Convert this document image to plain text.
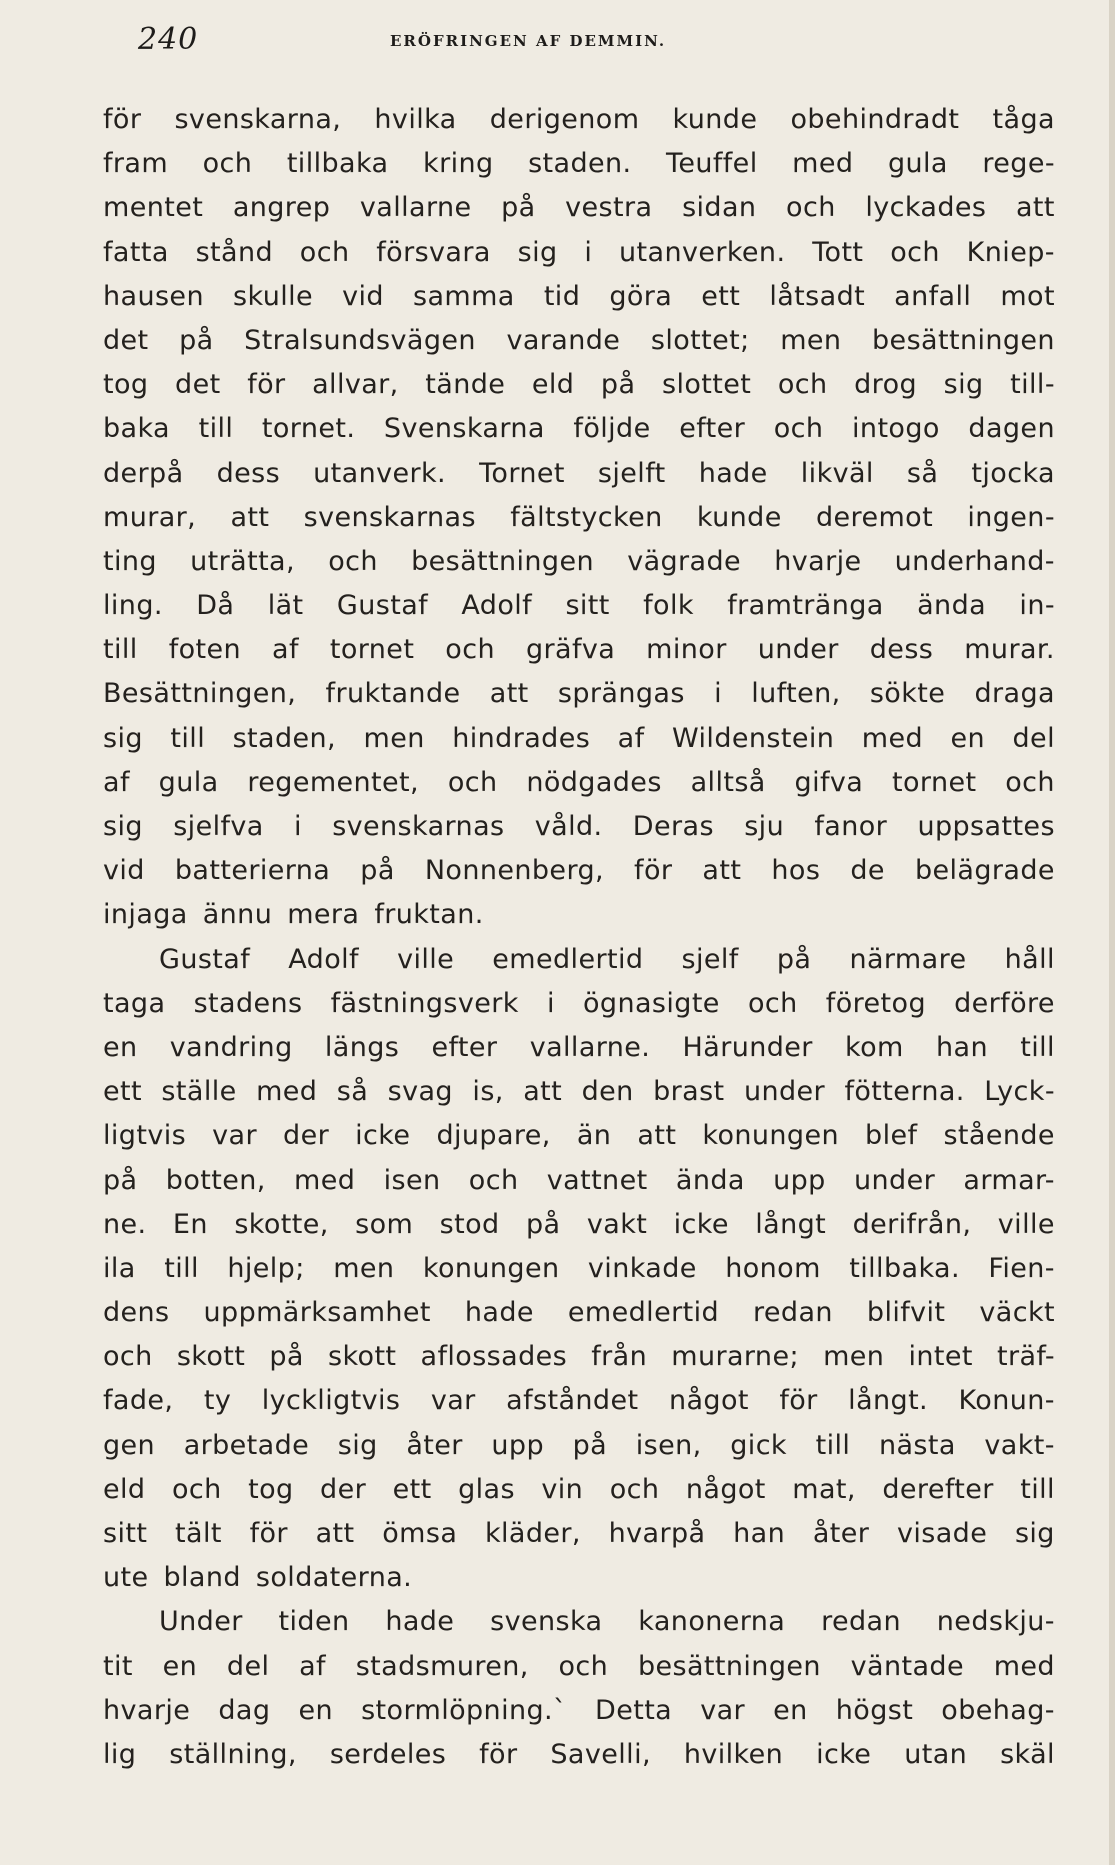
240	ERÖFRINGEN AF DEMMIN.
för svenskarna, hvilka derigenom kunde obehindradt tåga
fram och tillbaka kring staden. Teuffel med gula rege-
mentet angrep vallarne på vestra sidan och lyckades att
fatta stånd och försvara sig i utanverken. Tott och Kniep-
hausen skulle vid samma tid göra ett låtsadt anfall mot
det på Stralsundsvägen varande slottet; men besättningen
tog det för allvar, tände eld på slottet och drog sig till-
baka till tornet. Svenskarna följde efter och intogo dagen
derpå dess utanverk. Tornet sjelft hade likväl så tjocka
murar, att svenskarnas fältstycken kunde deremot ingen-
ting uträtta, och besättningen vägrade hvarje underhand-
ling. Då lät Gustaf Adolf sitt folk framtränga ända in-
till foten af tornet och gräfva minor under dess murar.
Besättningen, fruktande att sprängas i luften, sökte draga
sig till staden, men hindrades af Wildenstein med en del
af gula regementet, och nödgades alltså gifva tornet och
sig sjelfva i svenskarnas våld. Deras sju fanor uppsattes
vid batterierna på Nonnenberg, för att hos de belägrade
injaga ännu mera fruktan.
Gustaf Adolf ville emedlertid sjelf på närmare håll
taga stadens fästningsverk i ögnasigte och företog derföre
en vandring längs efter vallarne. Härunder kom han till
ett ställe med så svag is, att den brast under fötterna. Lyck-
ligtvis var der icke djupare, än att konungen blef stående
på botten, med isen och vattnet ända upp under armar-
ne. En skotte, som stod på vakt icke långt derifrån, ville
ila till hjelp; men konungen vinkade honom tillbaka. Fien-
dens uppmärksamhet hade emedlertid redan blifvit väckt
och skott på skott aflossades från murarne; men intet träf-
fade, ty lyckligtvis var afståndet något för långt. Konun-
gen arbetade sig åter upp på isen, gick till nästa vakt-
eld och tog der ett glas vin och något mat, derefter till
sitt tält för att ömsa kläder, hvarpå han åter visade sig
ute bland soldaterna.
Under tiden hade svenska kanonerna redan nedskju-
tit en del af stadsmuren, och besättningen väntade med
hvarje dag en stormlöpning.` Detta var en högst obehag-
lig ställning, serdeles för Savelli, hvilken icke utan skäl
